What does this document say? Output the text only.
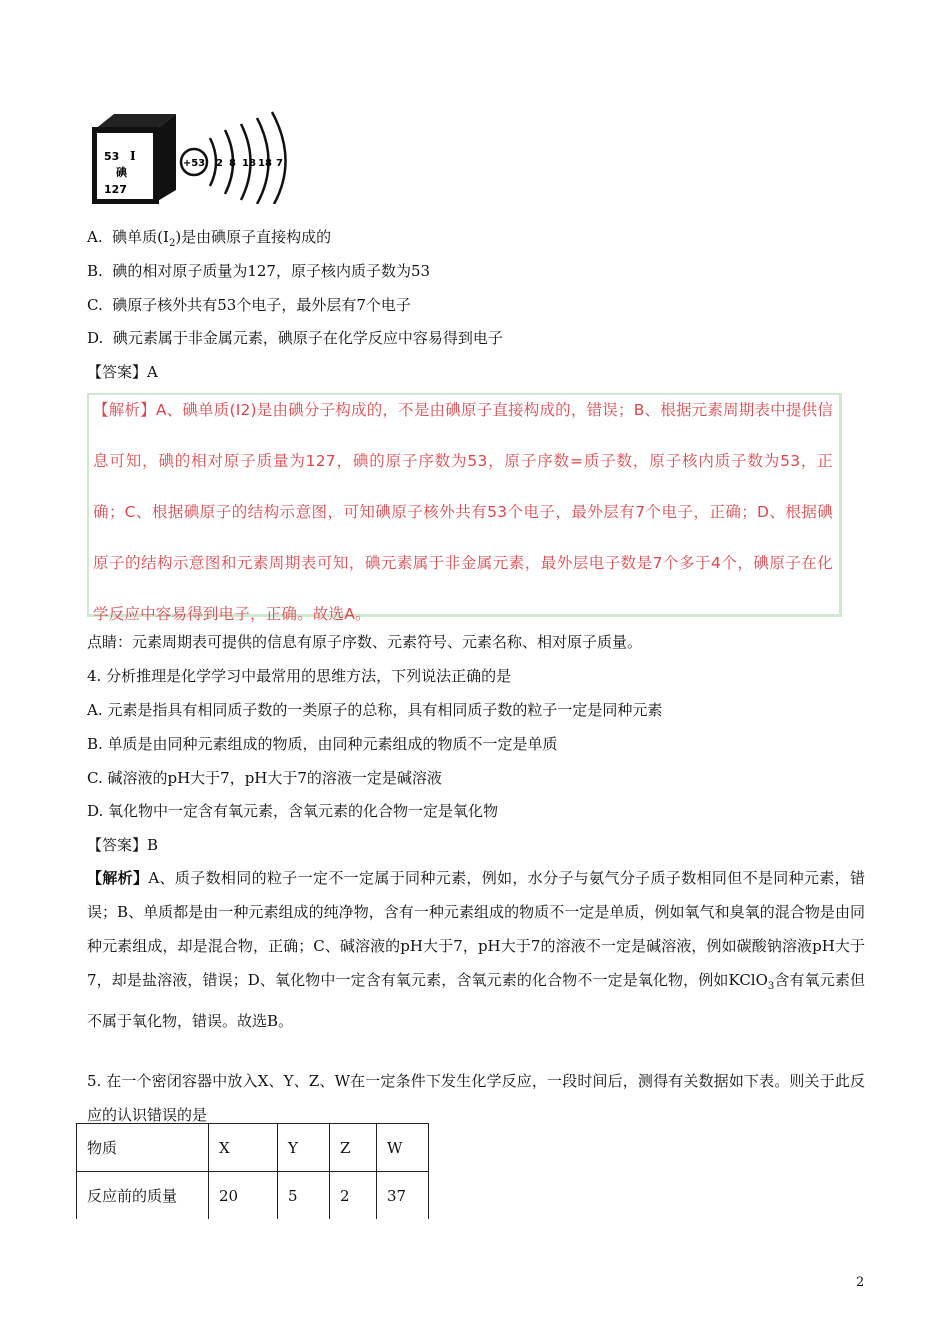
53 I
碘
127
+53 2 8 18 18 7
A. 碘单质$(I_2)$是由碘原子直接构成的
B. 碘的相对原子质量为127，原子核内质子数为53
C. 碘原子核外共有53个电子，最外层有7个电子
D. 碘元素属于非金属元素，碘原子在化学反应中容易得到电子
【答案】A
【解析】A、碘单质(I2)是由碘分子构成的，不是由碘原子直接构成的，错误；B、根据元素周期表中提供信息可知，碘的相对原子质量为127，碘的原子序数为53，原子序数=质子数，原子核内质子数为53，正确；C、根据碘原子的结构示意图，可知碘原子核外共有53个电子，最外层有7个电子，正确；D、根据碘原子的结构示意图和元素周期表可知，碘元素属于非金属元素，最外层电子数是7个多于4个，碘原子在化学反应中容易得到电子，正确。故选A。
点睛：元素周期表可提供的信息有原子序数、元素符号、元素名称、相对原子质量。
4. 分析推理是化学学习中最常用的思维方法，下列说法正确的是
A. 元素是指具有相同质子数的一类原子的总称，具有相同质子数的粒子一定是同种元素
B. 单质是由同种元素组成的物质，由同种元素组成的物质不一定是单质
C. 碱溶液的pH大于7，pH大于7的溶液一定是碱溶液
D. 氧化物中一定含有氧元素，含氧元素的化合物一定是氧化物
【答案】B
【解析】A、质子数相同的粒子一定不一定属于同种元素，例如，水分子与氨气分子质子数相同但不是同种元素，错误；B、单质都是由一种元素组成的纯净物，含有一种元素组成的物质不一定是单质，例如氧气和臭氧的混合物是由同种元素组成，却是混合物，正确；C、碱溶液的pH大于7，pH大于7的溶液不一定是碱溶液，例如碳酸钠溶液pH大于7，却是盐溶液，错误；D、氧化物中一定含有氧元素，含氧元素的化合物不一定是氧化物，例如KClO$_3$含有氧元素但不属于氧化物，错误。故选B。
5. 在一个密闭容器中放入X、Y、Z、W在一定条件下发生化学反应，一段时间后，测得有关数据如下表。则关于此反应的认识错误的是
物质	X	Y	Z	W
反应前的质量	20	5	2	37
2
